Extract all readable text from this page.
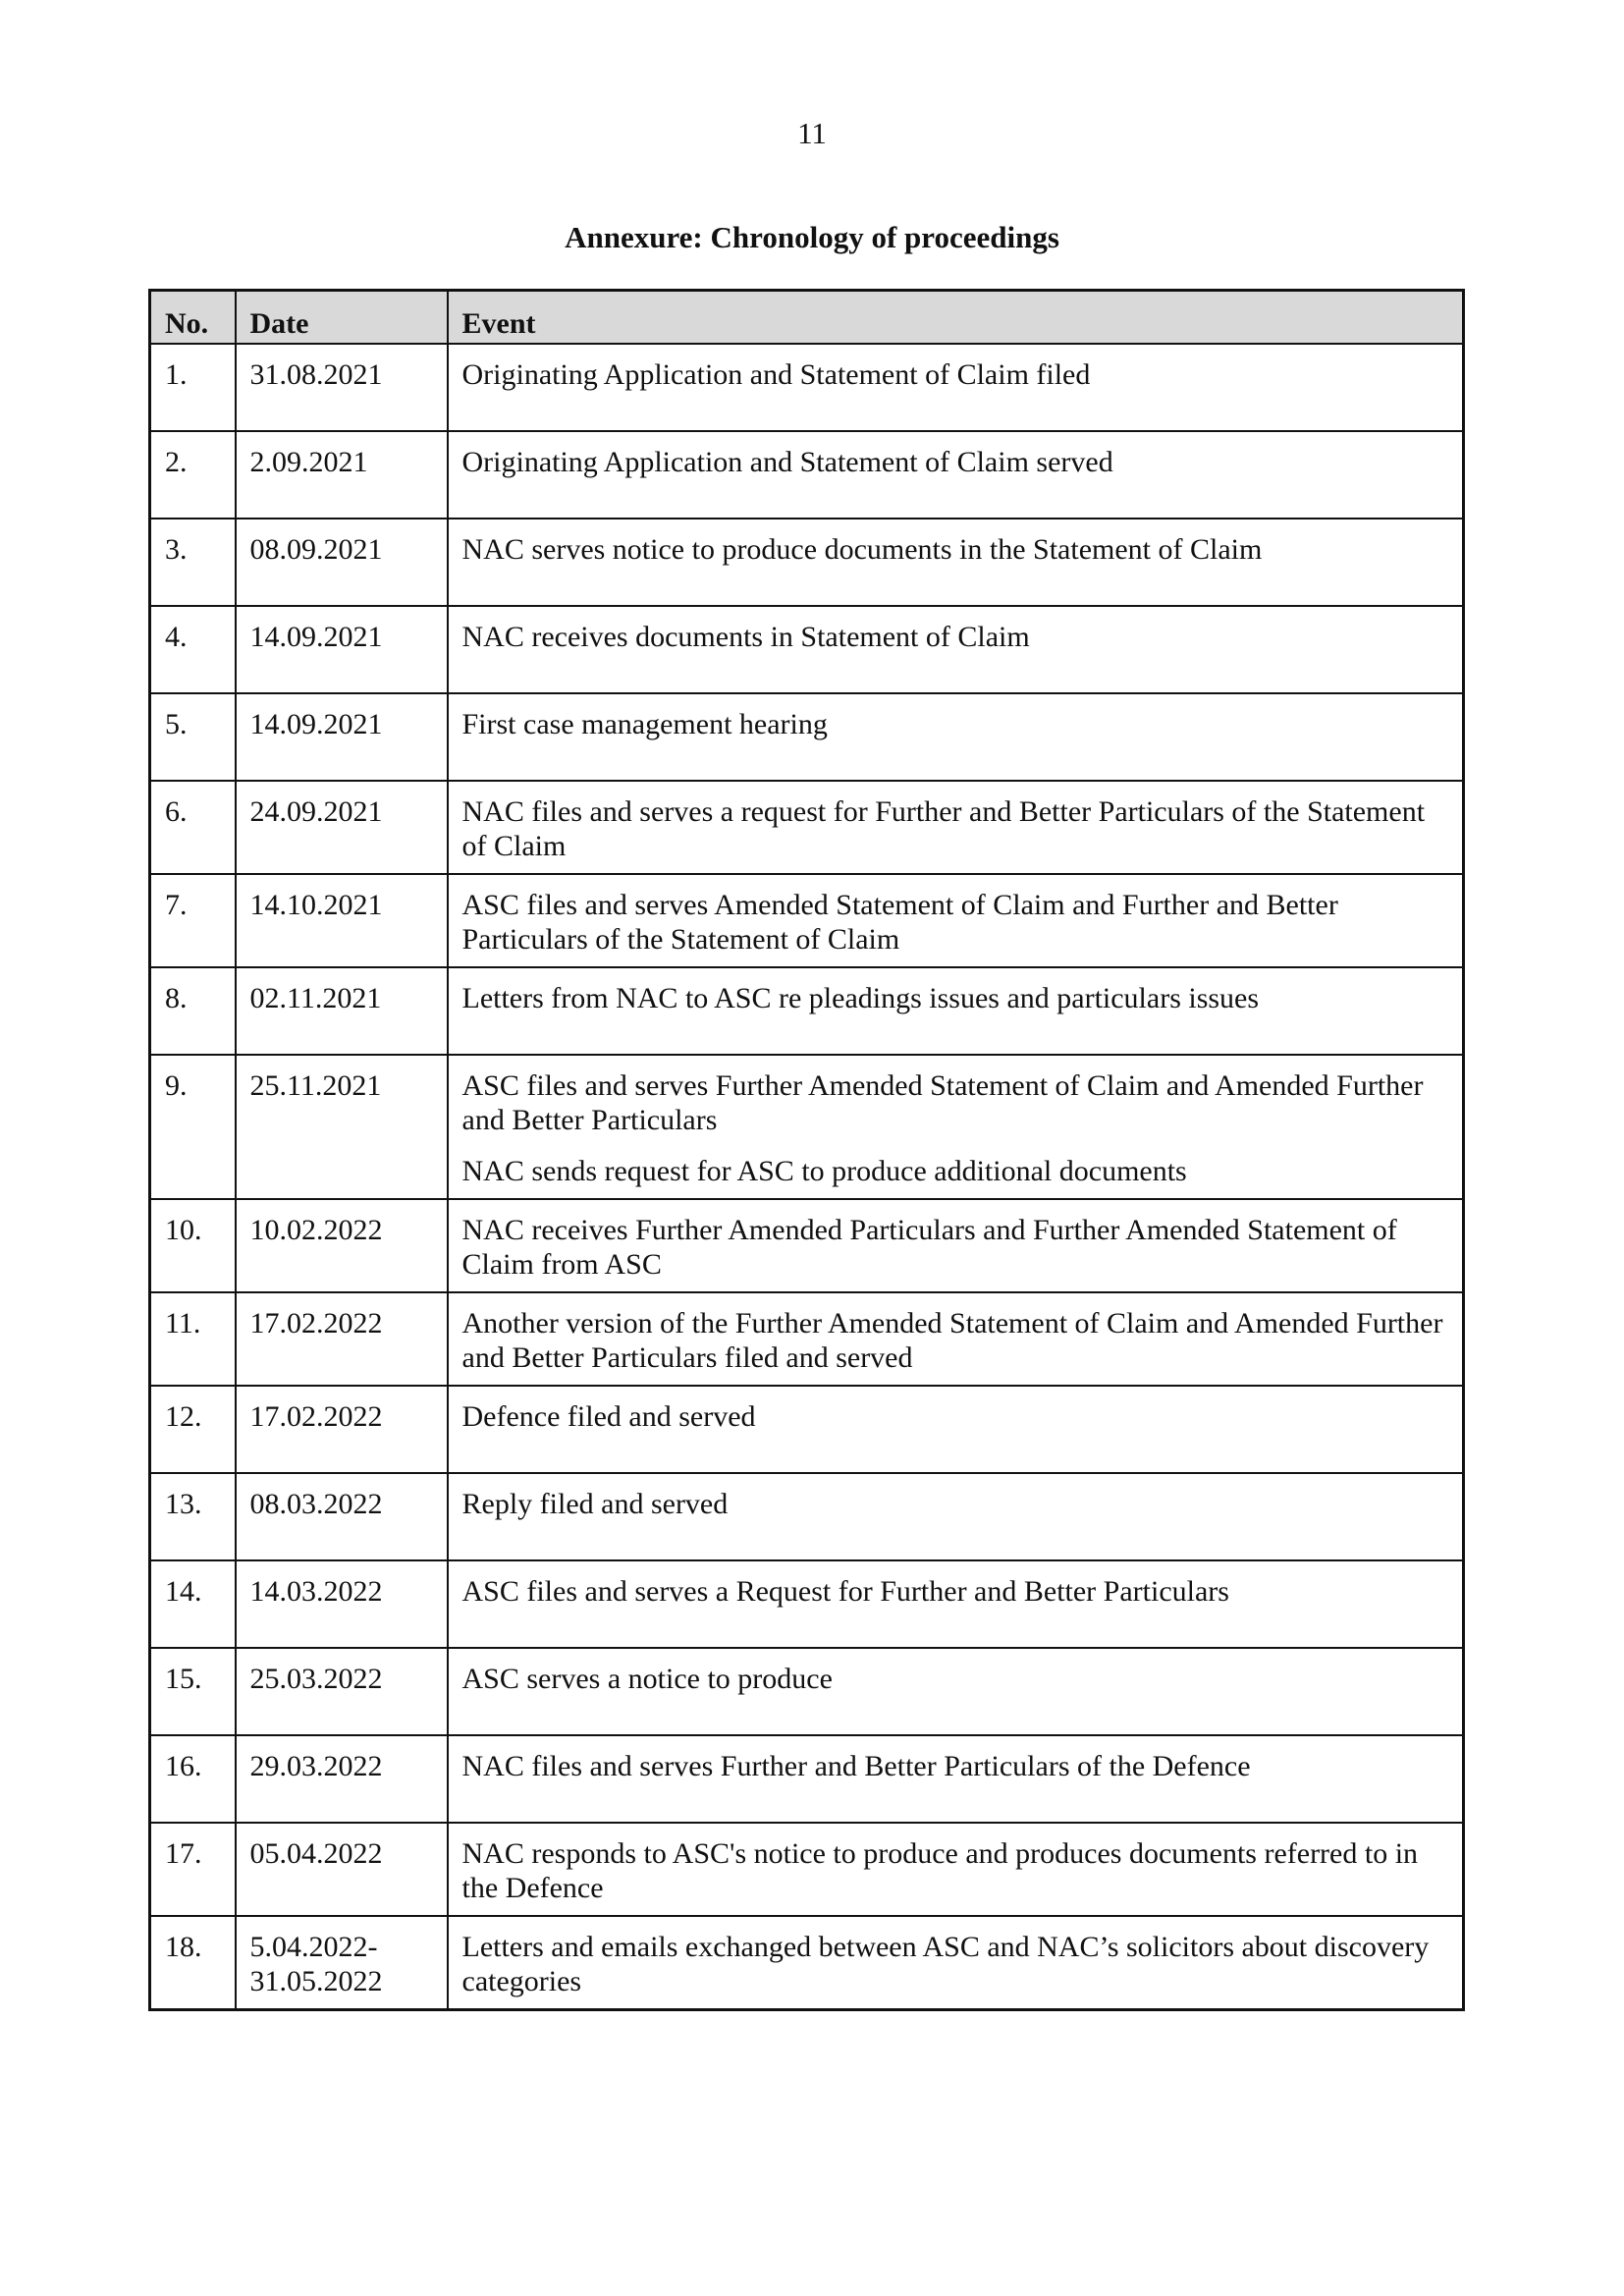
11
Annexure: Chronology of proceedings
No.	Date	Event
1.	31.08.2021	Originating Application and Statement of Claim filed

2.	2.09.2021	Originating Application and Statement of Claim served

3.	08.09.2021	NAC serves notice to produce documents in the Statement of Claim

4.	14.09.2021	NAC receives documents in Statement of Claim

5.	14.09.2021	First case management hearing

6.	24.09.2021	NAC files and serves a request for Further and Better Particulars of the Statement of Claim

7.	14.10.2021	ASC files and serves Amended Statement of Claim and Further and Better Particulars of the Statement of Claim

8.	02.11.2021	Letters from NAC to ASC re pleadings issues and particulars issues

9.	25.11.2021	ASC files and serves Further Amended Statement of Claim and Amended Further and Better Particulars
NAC sends request for ASC to produce additional documents

10.	10.02.2022	NAC receives Further Amended Particulars and Further Amended Statement of Claim from ASC

11.	17.02.2022	Another version of the Further Amended Statement of Claim and Amended Further and Better Particulars filed and served

12.	17.02.2022	Defence filed and served

13.	08.03.2022	Reply filed and served

14.	14.03.2022	ASC files and serves a Request for Further and Better Particulars

15.	25.03.2022	ASC serves a notice to produce

16.	29.03.2022	NAC files and serves Further and Better Particulars of the Defence

17.	05.04.2022	NAC responds to ASC's notice to produce and produces documents referred to in the Defence

18.	5.04.2022-
31.05.2022	Letters and emails exchanged between ASC and NAC’s solicitors about discovery categories
